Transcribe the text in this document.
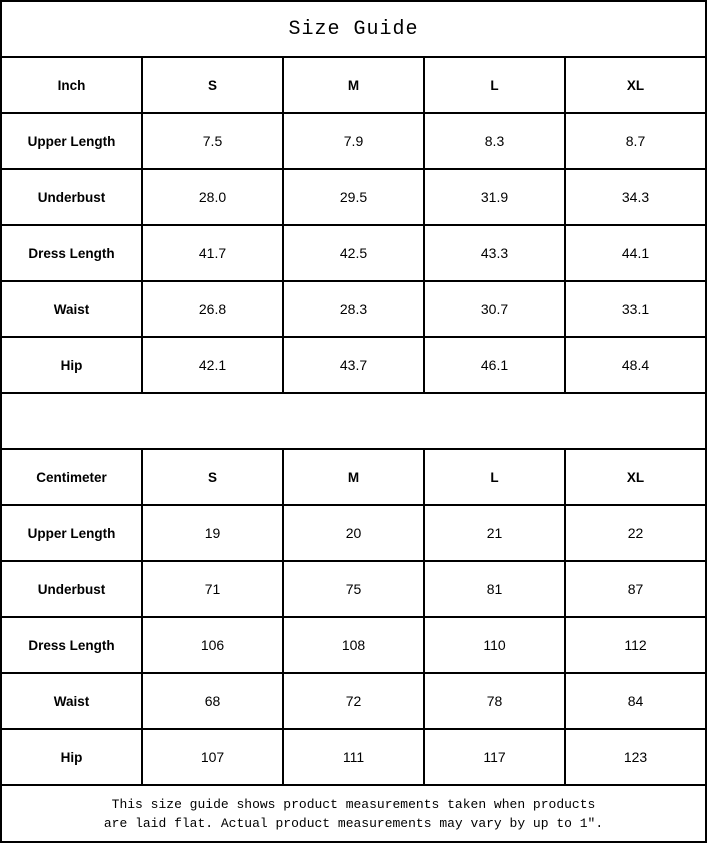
Size Guide				
Inch	S	M	L	XL
Upper Length	7.5	7.9	8.3	8.7
Underbust	28.0	29.5	31.9	34.3
Dress Length	41.7	42.5	43.3	44.1
Waist	26.8	28.3	30.7	33.1
Hip	42.1	43.7	46.1	48.4

Centimeter	S	M	L	XL
Upper Length	19	20	21	22
Underbust	71	75	81	87
Dress Length	106	108	110	112
Waist	68	72	78	84
Hip	107	111	117	123

This size guide shows product measurements taken when products
are laid flat. Actual product measurements may vary by up to 1″.				
